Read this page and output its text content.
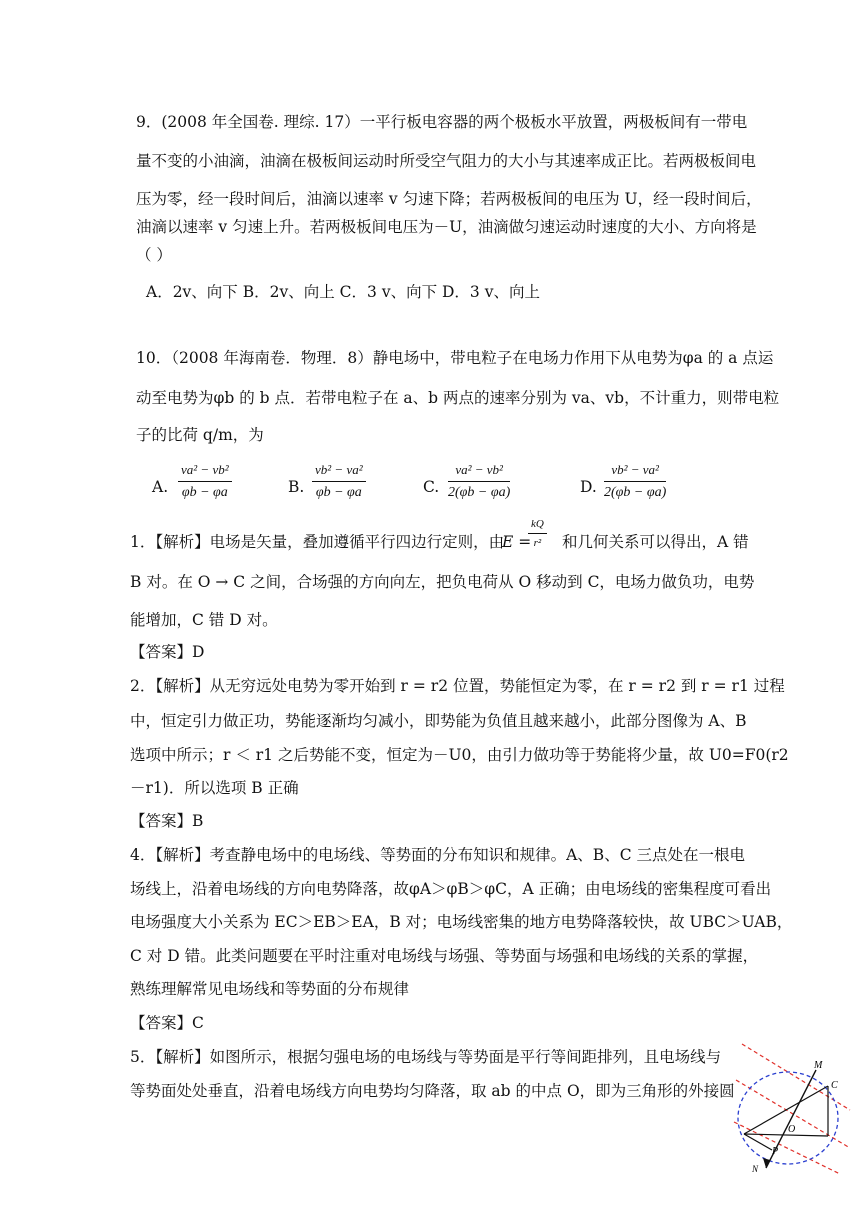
9．(2008 年全国卷. 理综. 17）一平行板电容器的两个极板水平放置，两极板间有一带电
量不变的小油滴，油滴在极板间运动时所受空气阻力的大小与其速率成正比。若两极板间电
压为零，经一段时间后，油滴以速率 v 匀速下降；若两极板间的电压为 U，经一段时间后，
油滴以速率 v 匀速上升。若两极板间电压为－U，油滴做匀速运动时速度的大小、方向将是
（ ）
A．2v、向下 B．2v、向上 C．3 v、向下 D．3 v、向上
10．（2008 年海南卷．物理．8）静电场中，带电粒子在电场力作用下从电势为φa 的 a 点运
动至电势为φb 的 b 点．若带电粒子在 a、b 两点的速率分别为 va、vb，不计重力，则带电粒
子的比荷 q/m，为
A. $\frac{\text{va² − vb²}}{\varphi b - \varphi a}$	B. $\frac{\text{vb² − va²}}{\varphi b - \varphi a}$	C. $\frac{\text{va² − vb²}}{2(\varphi b - \varphi a)}$	D. $\frac{\text{vb² − va²}}{2(\varphi b - \varphi a)}$
1．【解析】电场是矢量，叠加遵循平行四边行定则，由
E =
$\frac{kQ}{\text{r²}}$ 和几何关系可以得出，A 错
B 对。在 O → C 之间，合场强的方向向左，把负电荷从 O 移动到 C，电场力做负功，电势
能增加，C 错 D 对。
【答案】D
2．【解析】从无穷远处电势为零开始到 r = r2 位置，势能恒定为零，在 r = r2 到 r = r1 过程
中，恒定引力做正功，势能逐渐均匀减小，即势能为负值且越来越小，此部分图像为 A、B
选项中所示；r ＜ r1 之后势能不变，恒定为－U0，由引力做功等于势能将少量，故 U0=F0(r2
－r1)．所以选项 B 正确
【答案】B
4．【解析】考查静电场中的电场线、等势面的分布知识和规律。A、B、C 三点处在一根电
场线上，沿着电场线的方向电势降落，故φA＞φB＞φC，A 正确；由电场线的密集程度可看出
电场强度大小关系为 EC＞EB＞EA，B 对；电场线密集的地方电势降落较快，故 UBC＞UAB，
C 对 D 错。此类问题要在平时注重对电场线与场强、等势面与场强和电场线的关系的掌握，
熟练理解常见电场线和等势面的分布规律
【答案】C
5．【解析】如图所示，根据匀强电场的电场线与等势面是平行等间距排列，且电场线与
等势面处处垂直，沿着电场线方向电势均匀降落，取 ab 的中点 O，即为三角形的外接圆
M
C
O
P
N
